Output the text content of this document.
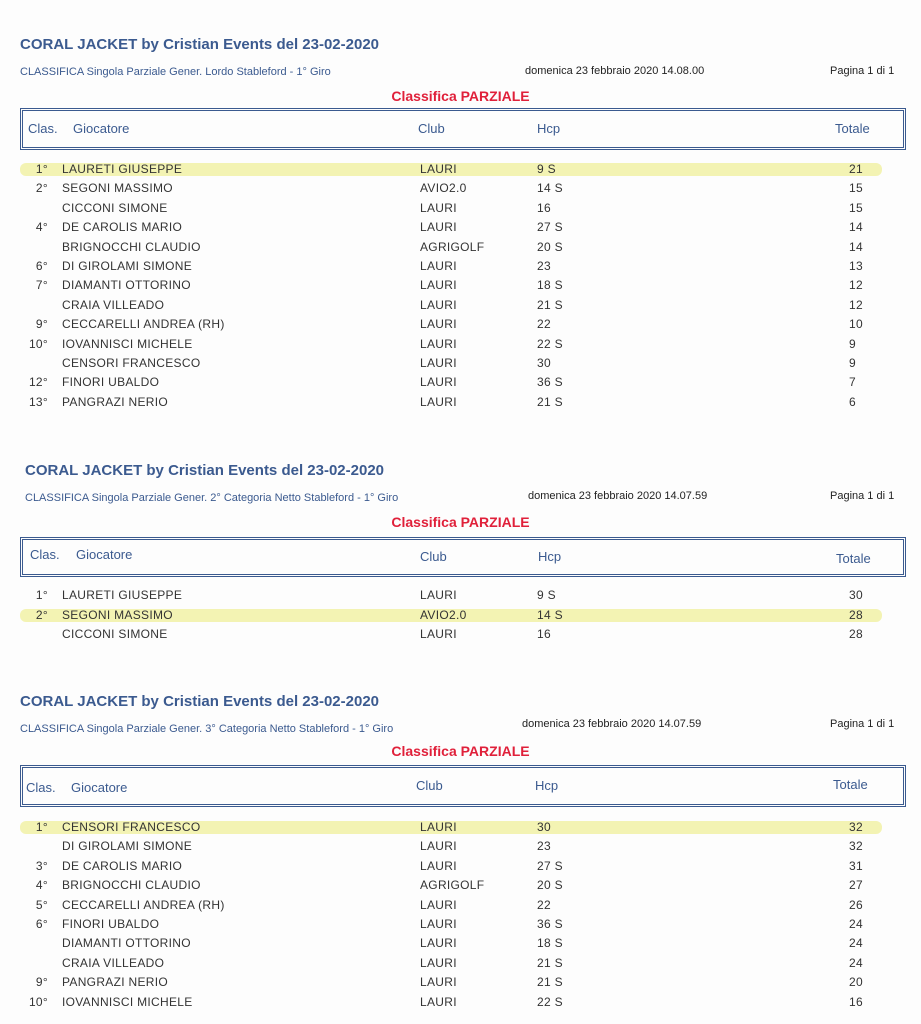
CORAL JACKET by Cristian Events del 23-02-2020
CLASSIFICA Singola Parziale Gener. Lordo Stableford - 1° Giro	domenica 23 febbraio 2020 14.08.00	Pagina 1 di 1
Classifica PARZIALE
Clas. Giocatore	Club	Hcp	Totale
1° LAURETI GIUSEPPE	LAURI	9 S	21
2° SEGONI MASSIMO	AVIO2.0	14 S	15
CICCONI SIMONE	LAURI	16	15
4° DE CAROLIS MARIO	LAURI	27 S	14
BRIGNOCCHI CLAUDIO	AGRIGOLF	20 S	14
6° DI GIROLAMI SIMONE	LAURI	23	13
7° DIAMANTI OTTORINO	LAURI	18 S	12
CRAIA VILLEADO	LAURI	21 S	12
9° CECCARELLI ANDREA (RH)	LAURI	22	10
10° IOVANNISCI MICHELE	LAURI	22 S	9
CENSORI FRANCESCO	LAURI	30	9
12° FINORI UBALDO	LAURI	36 S	7
13° PANGRAZI NERIO	LAURI	21 S	6
CORAL JACKET by Cristian Events del 23-02-2020
CLASSIFICA Singola Parziale Gener. 2° Categoria Netto Stableford - 1° Giro	domenica 23 febbraio 2020 14.07.59	Pagina 1 di 1
Classifica PARZIALE
Clas. Giocatore	Club	Hcp	Totale
1° LAURETI GIUSEPPE	LAURI	9 S	30
2° SEGONI MASSIMO	AVIO2.0	14 S	28
CICCONI SIMONE	LAURI	16	28
CORAL JACKET by Cristian Events del 23-02-2020
CLASSIFICA Singola Parziale Gener. 3° Categoria Netto Stableford - 1° Giro	domenica 23 febbraio 2020 14.07.59	Pagina 1 di 1
Classifica PARZIALE
Clas. Giocatore	Club	Hcp	Totale
1° CENSORI FRANCESCO	LAURI	30	32
DI GIROLAMI SIMONE	LAURI	23	32
3° DE CAROLIS MARIO	LAURI	27 S	31
4° BRIGNOCCHI CLAUDIO	AGRIGOLF	20 S	27
5° CECCARELLI ANDREA (RH)	LAURI	22	26
6° FINORI UBALDO	LAURI	36 S	24
DIAMANTI OTTORINO	LAURI	18 S	24
CRAIA VILLEADO	LAURI	21 S	24
9° PANGRAZI NERIO	LAURI	21 S	20
10° IOVANNISCI MICHELE	LAURI	22 S	16
